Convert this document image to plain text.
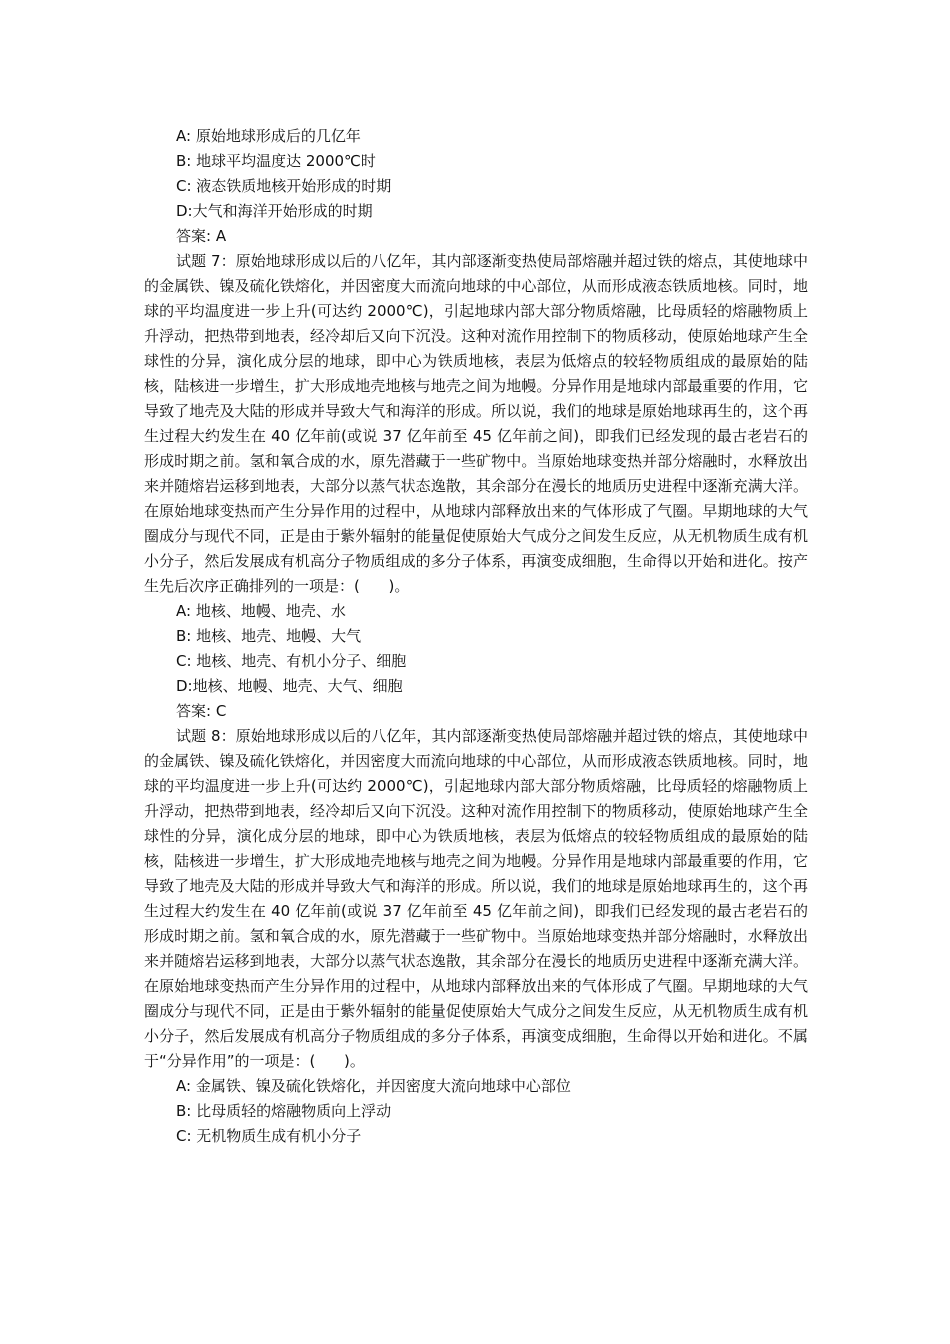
A: 原始地球形成后的几亿年

B: 地球平均温度达 2000℃时

C: 液态铁质地核开始形成的时期

D:大气和海洋开始形成的时期

答案: A

试题 7：原始地球形成以后的八亿年，其内部逐渐变热使局部熔融并超过铁的熔点，其使地球中的金属铁、镍及硫化铁熔化，并因密度大而流向地球的中心部位，从而形成液态铁质地核。同时，地球的平均温度进一步上升(可达约 2000℃)，引起地球内部大部分物质熔融，比母质轻的熔融物质上升浮动，把热带到地表，经冷却后又向下沉没。这种对流作用控制下的物质移动，使原始地球产生全球性的分异，演化成分层的地球，即中心为铁质地核，表层为低熔点的较轻物质组成的最原始的陆核，陆核进一步增生，扩大形成地壳地核与地壳之间为地幔。分异作用是地球内部最重要的作用，它导致了地壳及大陆的形成并导致大气和海洋的形成。所以说，我们的地球是原始地球再生的，这个再生过程大约发生在 40 亿年前(或说 37 亿年前至 45 亿年前之间)，即我们已经发现的最古老岩石的形成时期之前。氢和氧合成的水，原先潜藏于一些矿物中。当原始地球变热并部分熔融时，水释放出来并随熔岩运移到地表，大部分以蒸气状态逸散，其余部分在漫长的地质历史进程中逐渐充满大洋。在原始地球变热而产生分异作用的过程中，从地球内部释放出来的气体形成了气圈。早期地球的大气圈成分与现代不同，正是由于紫外辐射的能量促使原始大气成分之间发生反应，从无机物质生成有机小分子，然后发展成有机高分子物质组成的多分子体系，再演变成细胞，生命得以开始和进化。按产生先后次序正确排列的一项是：( )。

A: 地核、地幔、地壳、水

B: 地核、地壳、地幔、大气

C: 地核、地壳、有机小分子、细胞

D:地核、地幔、地壳、大气、细胞

答案: C

试题 8：原始地球形成以后的八亿年，其内部逐渐变热使局部熔融并超过铁的熔点，其使地球中的金属铁、镍及硫化铁熔化，并因密度大而流向地球的中心部位，从而形成液态铁质地核。同时，地球的平均温度进一步上升(可达约 2000℃)，引起地球内部大部分物质熔融，比母质轻的熔融物质上升浮动，把热带到地表，经冷却后又向下沉没。这种对流作用控制下的物质移动，使原始地球产生全球性的分异，演化成分层的地球，即中心为铁质地核，表层为低熔点的较轻物质组成的最原始的陆核，陆核进一步增生，扩大形成地壳地核与地壳之间为地幔。分异作用是地球内部最重要的作用，它导致了地壳及大陆的形成并导致大气和海洋的形成。所以说，我们的地球是原始地球再生的，这个再生过程大约发生在 40 亿年前(或说 37 亿年前至 45 亿年前之间)，即我们已经发现的最古老岩石的形成时期之前。氢和氧合成的水，原先潜藏于一些矿物中。当原始地球变热并部分熔融时，水释放出来并随熔岩运移到地表，大部分以蒸气状态逸散，其余部分在漫长的地质历史进程中逐渐充满大洋。在原始地球变热而产生分异作用的过程中，从地球内部释放出来的气体形成了气圈。早期地球的大气圈成分与现代不同，正是由于紫外辐射的能量促使原始大气成分之间发生反应，从无机物质生成有机小分子，然后发展成有机高分子物质组成的多分子体系，再演变成细胞，生命得以开始和进化。不属于“分异作用”的一项是：( )。

A: 金属铁、镍及硫化铁熔化，并因密度大流向地球中心部位

B: 比母质轻的熔融物质向上浮动

C: 无机物质生成有机小分子
